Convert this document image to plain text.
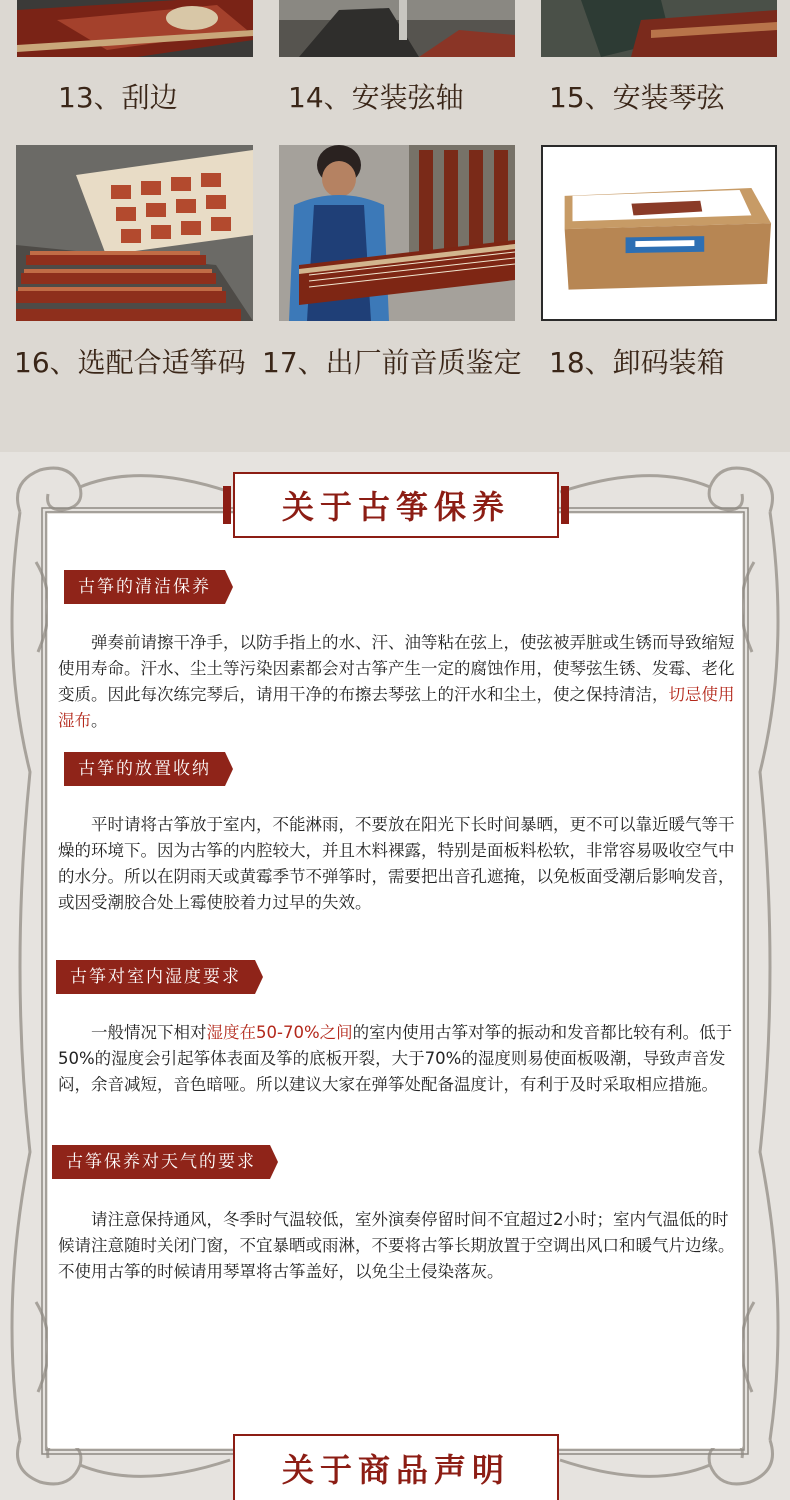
13、刮边	14、安装弦轴	15、安装琴弦
16、选配合适筝码 17、出厂前音质鉴定 18、卸码装箱
关于古筝保养
古筝的清洁保养

弹奏前请擦干净手，以防手指上的水、汗、油等粘在弦上，使弦被弄脏或生锈而导致缩短使用寿命。汗水、尘土等污染因素都会对古筝产生一定的腐蚀作用，使琴弦生锈、发霉、老化变质。因此每次练完琴后，请用干净的布擦去琴弦上的汗水和尘土，使之保持清洁，切忌使用湿布。

古筝的放置收纳

平时请将古筝放于室内，不能淋雨，不要放在阳光下长时间暴晒，更不可以靠近暖气等干燥的环境下。因为古筝的内腔较大，并且木料裸露，特别是面板料松软，非常容易吸收空气中的水分。所以在阴雨天或黄霉季节不弹筝时，需要把出音孔遮掩，以免板面受潮后影响发音，或因受潮胶合处上霉使胶着力过早的失效。

古筝对室内湿度要求

一般情况下相对湿度在50-70%之间的室内使用古筝对筝的振动和发音都比较有利。低于50%的湿度会引起筝体表面及筝的底板开裂，大于70%的湿度则易使面板吸潮，导致声音发闷，余音减短，音色暗哑。所以建议大家在弹筝处配备温度计，有利于及时采取相应措施。

古筝保养对天气的要求

请注意保持通风，冬季时气温较低，室外演奏停留时间不宜超过2小时；室内气温低的时候请注意随时关闭门窗，不宜暴晒或雨淋，不要将古筝长期放置于空调出风口和暖气片边缘。不使用古筝的时候请用琴罩将古筝盖好，以免尘土侵染落灰。

关于商品声明
